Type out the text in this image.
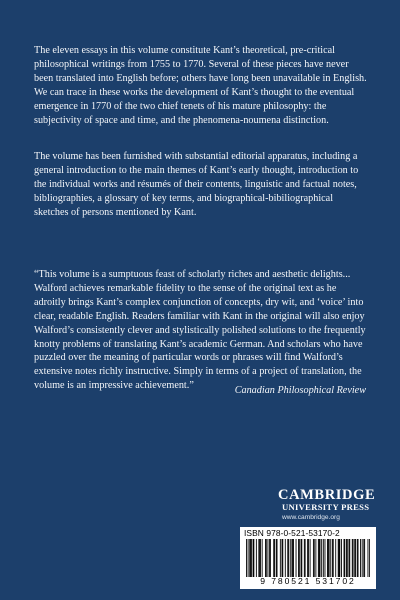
The eleven essays in this volume constitute Kant’s theoretical, pre-critical philosophical writings from 1755 to 1770. Several of these pieces have never been translated into English before; others have long been unavailable in English. We can trace in these works the development of Kant’s thought to the eventual emergence in 1770 of the two chief tenets of his mature philosophy: the subjectivity of space and time, and the phenomena-noumena distinction.

The volume has been furnished with substantial editorial apparatus, including a general introduction to the main themes of Kant’s early thought, introduction to the individual works and résumés of their contents, linguistic and factual notes, bibliographies, a glossary of key terms, and biographical-bibiliographical sketches of persons mentioned by Kant.

“This volume is a sumptuous feast of scholarly riches and aesthetic delights... Walford achieves remarkable fidelity to the sense of the original text as he adroitly brings Kant’s complex conjunction of concepts, dry wit, and ‘voice’ into clear, readable English. Readers familiar with Kant in the original will also enjoy Walford’s consistently clever and stylistically polished solutions to the frequently knotty problems of translating Kant’s academic German. And scholars who have puzzled over the meaning of particular words or phrases will find Walford’s extensive notes richly instructive. Simply in terms of a project of translation, the volume is an impressive achievement.”	Canadian Philosophical Review
CAMBRIDGE
UNIVERSITY PRESS
www.cambridge.org
ISBN 978-0-521-53170-2
9 780521 531702
